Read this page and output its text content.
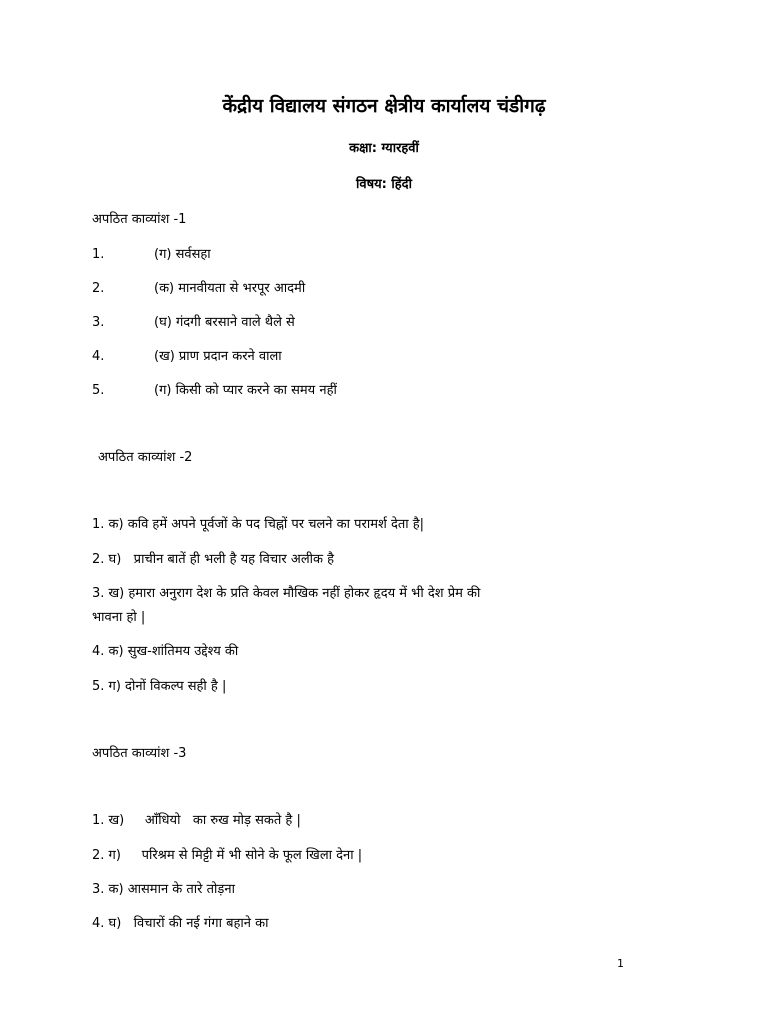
केंद्रीय विद्यालय संगठन क्षेत्रीय कार्यालय चंडीगढ़
कक्षा: ग्यारहवीं
विषय: हिंदी
अपठित काव्यांश -1
1.	(ग) सर्वसहा
2.	(क) मानवीयता से भरपूर आदमी
3.	(घ) गंदगी बरसाने वाले थैले से
4.	(ख) प्राण प्रदान करने वाला
5.	(ग) किसी को प्यार करने का समय नहीं
अपठित काव्यांश -2
1. क) कवि हमें अपने पूर्वजों के पद चिह्नों पर चलने का परामर्श देता है|
2. घ)   प्राचीन बातें ही भली है यह विचार अलीक है
3. ख) हमारा अनुराग देश के प्रति केवल मौखिक नहीं होकर हृदय में भी देश प्रेम की
भावना हो |
4. क) सुख-शांतिमय उद्देश्य की
5. ग) दोनों विकल्प सही है |
अपठित काव्यांश -3
1. ख)     आँधियो   का रुख मोड़ सकते है |
2. ग)     परिश्रम से मिट्टी में भी सोने के फूल खिला देना |
3. क) आसमान के तारे तोड़ना
4. घ)   विचारों की नई गंगा बहाने का
1
